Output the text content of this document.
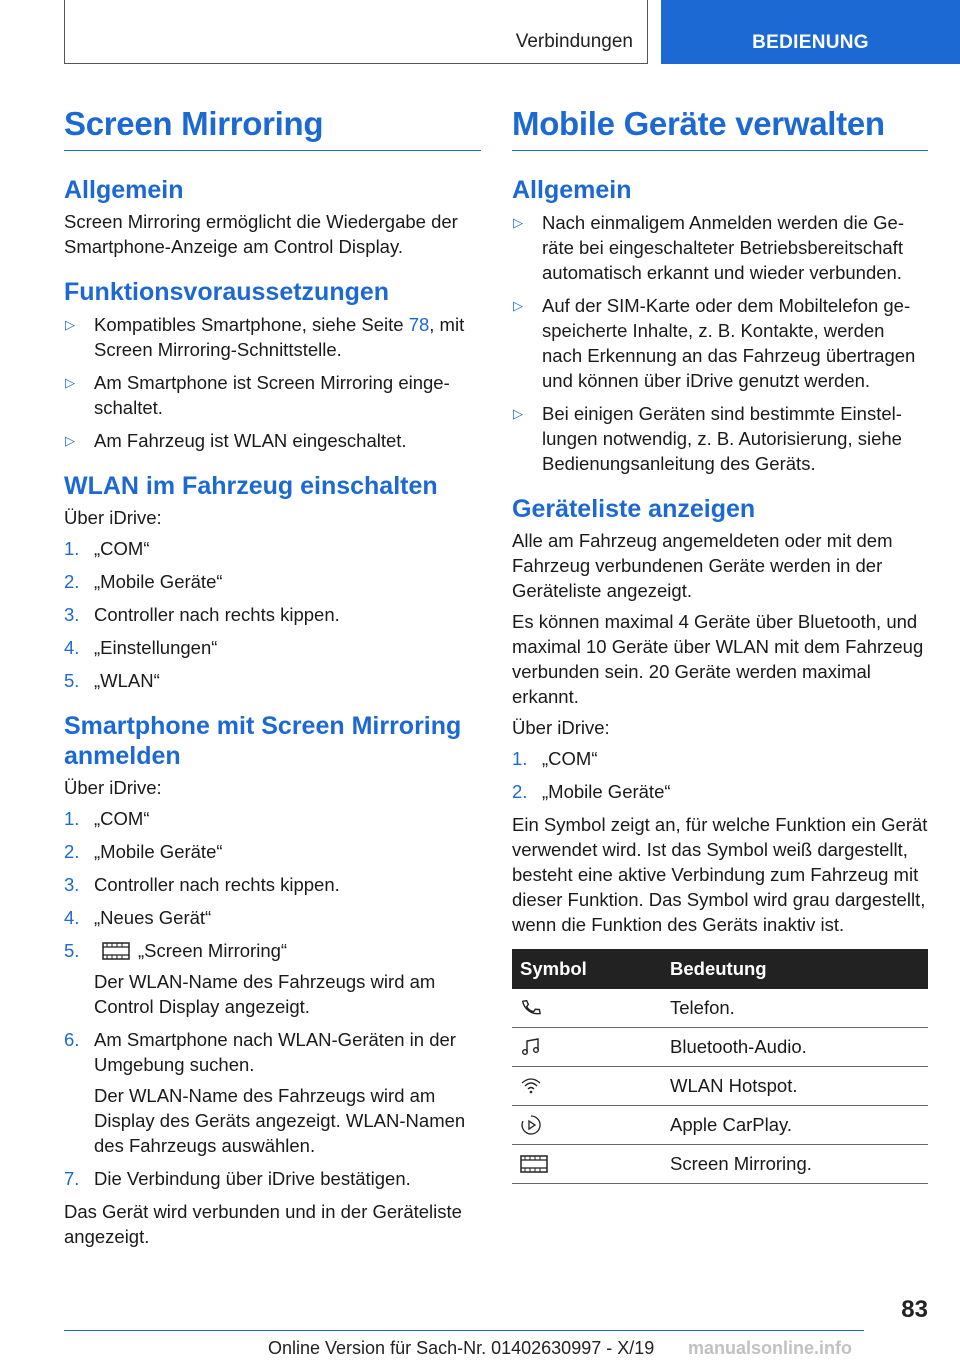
Verbindungen	BEDIENUNG
Screen Mirroring
Allgemein

Screen Mirroring ermöglicht die Wiedergabe der Smartphone-Anzeige am Control Display.

Funktionsvoraussetzungen
▷ Kompatibles Smartphone, siehe Seite 78, mit Screen Mirroring-Schnittstelle.
▷ Am Smartphone ist Screen Mirroring eingeschaltet.
▷ Am Fahrzeug ist WLAN eingeschaltet.
WLAN im Fahrzeug einschalten

Über iDrive:

1. „COM“
2. „Mobile Geräte“
3. Controller nach rechts kippen.
4. „Einstellungen“
5. „WLAN“
Smartphone mit Screen Mirroring anmelden

Über iDrive:

1. „COM“
2. „Mobile Geräte“
3. Controller nach rechts kippen.
4. „Neues Gerät“
5.	„Screen Mirroring“
Der WLAN-Name des Fahrzeugs wird am Control Display angezeigt.
6. Am Smartphone nach WLAN-Geräten in der Umgebung suchen.
Der WLAN-Name des Fahrzeugs wird am Display des Geräts angezeigt. WLAN-Namen des Fahrzeugs auswählen.
7. Die Verbindung über iDrive bestätigen.

Das Gerät wird verbunden und in der Geräteliste angezeigt.

Mobile Geräte verwalten
Allgemein
▷ Nach einmaligem Anmelden werden die Geräte bei eingeschalteter Betriebsbereitschaft automatisch erkannt und wieder verbunden.
▷ Auf der SIM-Karte oder dem Mobiltelefon gespeicherte Inhalte, z. B. Kontakte, werden nach Erkennung an das Fahrzeug übertragen und können über iDrive genutzt werden.
▷ Bei einigen Geräten sind bestimmte Einstellungen notwendig, z. B. Autorisierung, siehe Bedienungsanleitung des Geräts.
Geräteliste anzeigen

Alle am Fahrzeug angemeldeten oder mit dem Fahrzeug verbundenen Geräte werden in der Geräteliste angezeigt.

Es können maximal 4 Geräte über Bluetooth, und maximal 10 Geräte über WLAN mit dem Fahrzeug verbunden sein. 20 Geräte werden maximal erkannt.

Über iDrive:

1. „COM“
2. „Mobile Geräte“

Ein Symbol zeigt an, für welche Funktion ein Gerät verwendet wird. Ist das Symbol weiß dargestellt, besteht eine aktive Verbindung zum Fahrzeug mit dieser Funktion. Das Symbol wird grau dargestellt, wenn die Funktion des Geräts inaktiv ist.

Symbol	Bedeutung

	Telefon.

	Bluetooth-Audio.

	WLAN Hotspot.

	Apple CarPlay.

	Screen Mirroring.
83
Online Version für Sach-Nr. 01402630997 - X/19 manualsonline.info
